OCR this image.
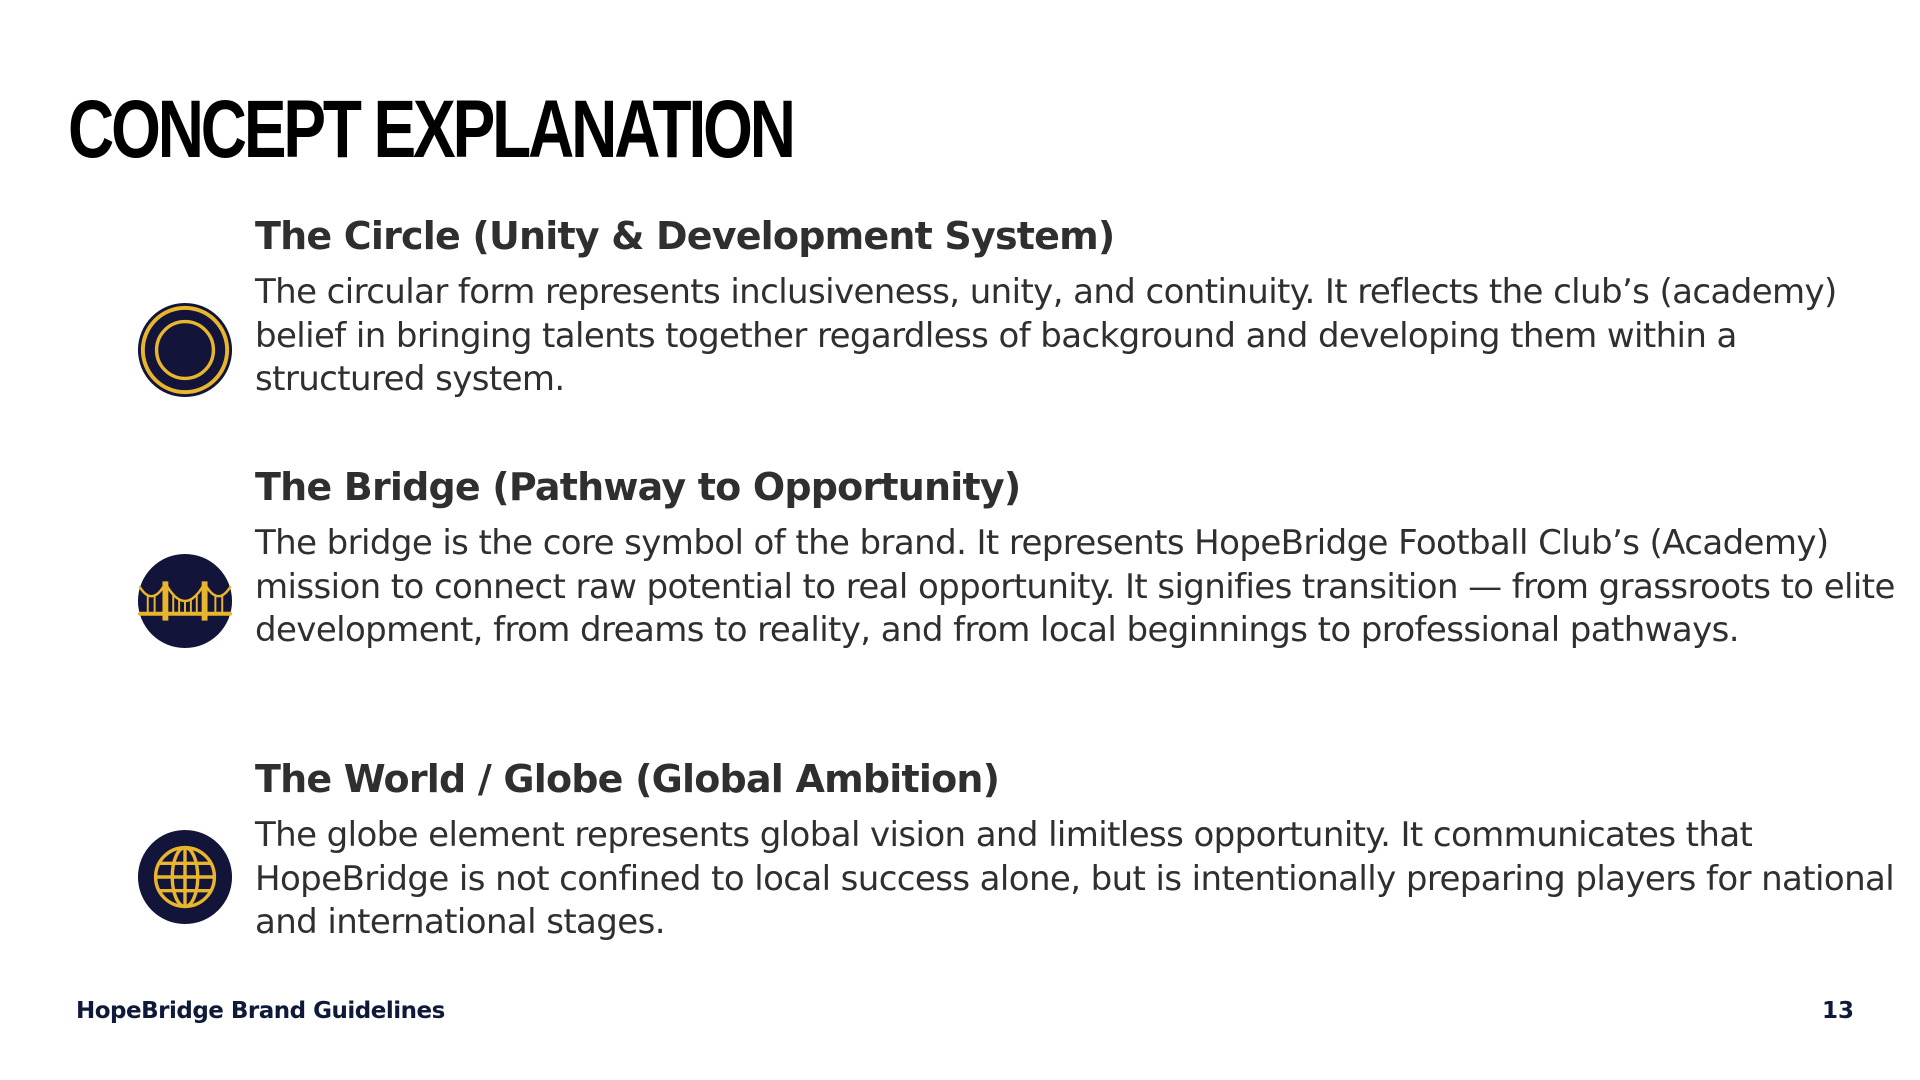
CONCEPT EXPLANATION
The Circle (Unity & Development System)

The circular form represents inclusiveness, unity, and continuity. It reflects the club’s (academy) belief in bringing talents together regardless of background and developing them within a structured system.

The Bridge (Pathway to Opportunity)

The bridge is the core symbol of the brand. It represents HopeBridge Football Club’s (Academy) mission to connect raw potential to real opportunity. It signifies transition — from grassroots to elite development, from dreams to reality, and from local beginnings to professional pathways.

The World / Globe (Global Ambition)

The globe element represents global vision and limitless opportunity. It communicates that HopeBridge is not confined to local success alone, but is intentionally preparing players for national and international stages.

HopeBridge Brand Guidelines	13
